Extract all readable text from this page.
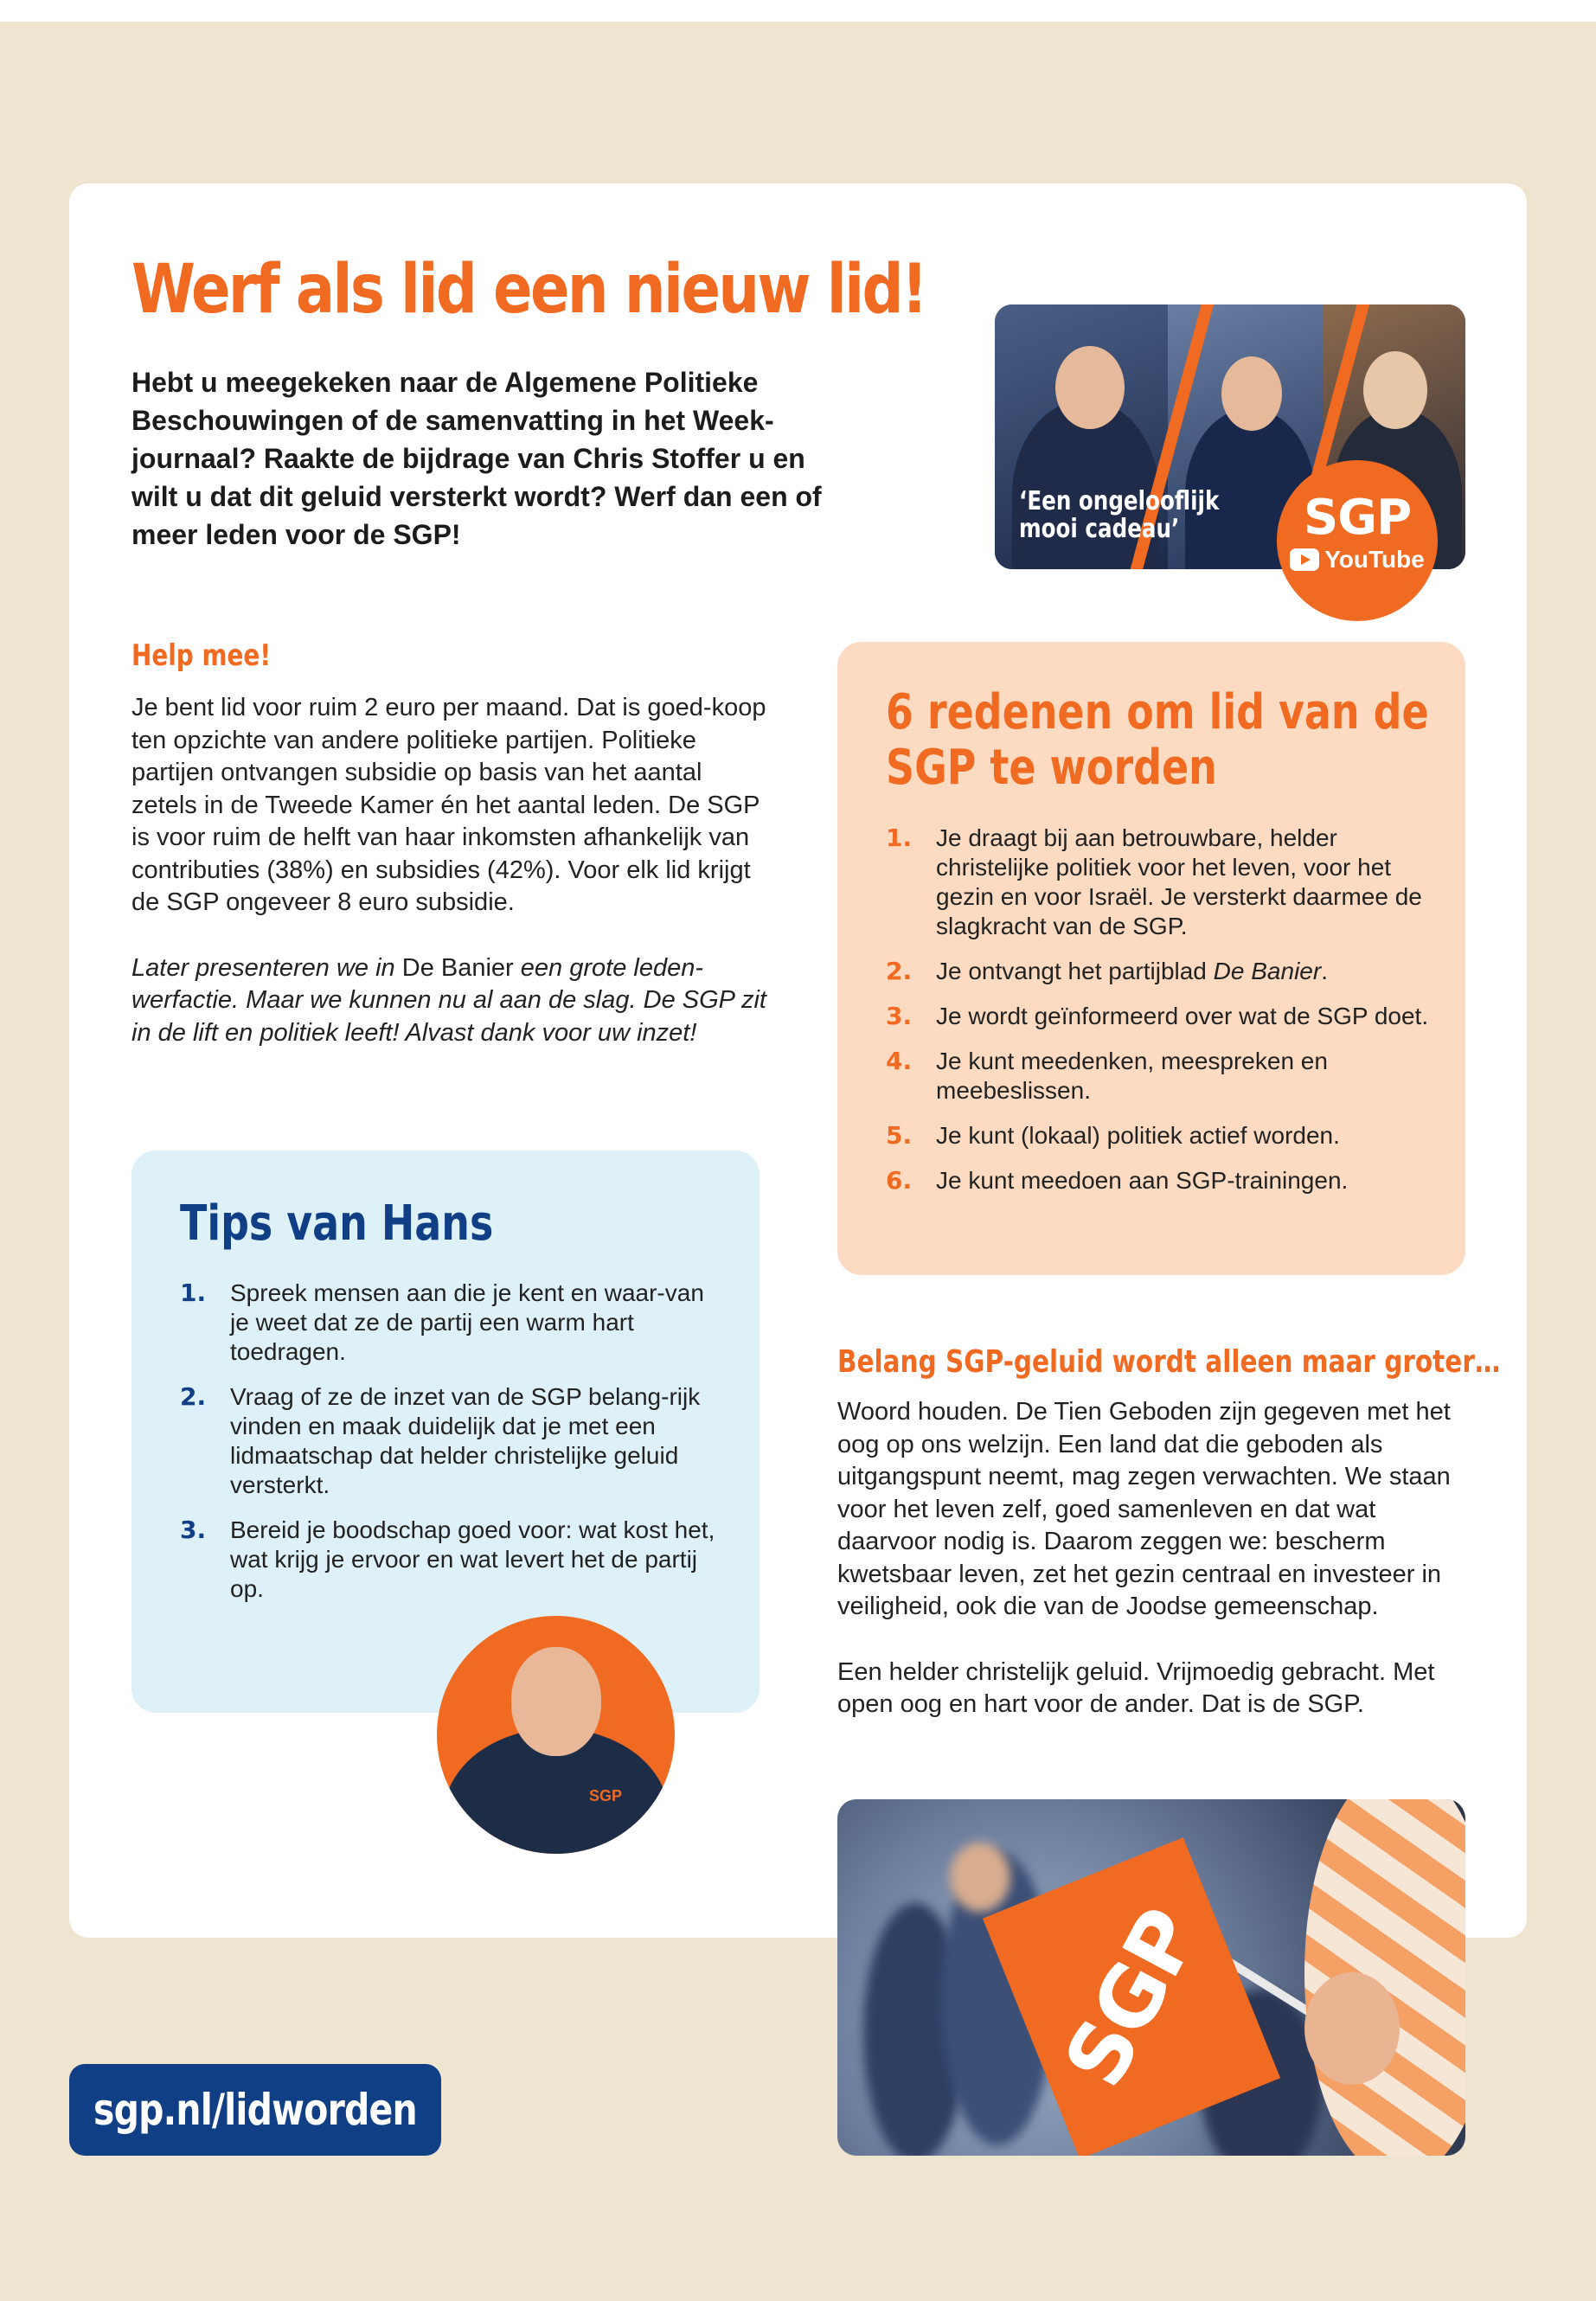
Werf als lid een nieuw lid!

Hebt u meegekeken naar de Algemene Politieke Beschouwingen of de samenvatting in het Week-journaal? Raakte de bijdrage van Chris Stoffer u en wilt u dat dit geluid versterkt wordt? Werf dan een of meer leden voor de SGP!

‘Een ongelooflijk mooi cadeau’	SGP
YouTube
Help mee!

Je bent lid voor ruim 2 euro per maand. Dat is goed-koop ten opzichte van andere politieke partijen. Politieke partijen ontvangen subsidie op basis van het aantal zetels in de Tweede Kamer én het aantal leden. De SGP is voor ruim de helft van haar inkomsten afhankelijk van contributies (38%) en subsidies (42%). Voor elk lid krijgt de SGP ongeveer 8 euro subsidie.

Later presenteren we in De Banier een grote leden-werfactie. Maar we kunnen nu al aan de slag. De SGP zit in de lift en politiek leeft! Alvast dank voor uw inzet!

6 redenen om lid van de SGP te worden
1. Je draagt bij aan betrouwbare, helder christelijke politiek voor het leven, voor het gezin en voor Israël. Je versterkt daarmee de slagkracht van de SGP.
2. Je ontvangt het partijblad De Banier.
3. Je wordt geïnformeerd over wat de SGP doet.
4. Je kunt meedenken, meespreken en meebeslissen.
5. Je kunt (lokaal) politiek actief worden.
6. Je kunt meedoen aan SGP-trainingen.
Tips van Hans
1. Spreek mensen aan die je kent en waar-van je weet dat ze de partij een warm hart toedragen.
2. Vraag of ze de inzet van de SGP belang-rijk vinden en maak duidelijk dat je met een lidmaatschap dat helder christelijke geluid versterkt.
3. Bereid je boodschap goed voor: wat kost het, wat krijg je ervoor en wat levert het de partij op.
SGP
Belang SGP-geluid wordt alleen maar groter…

Woord houden. De Tien Geboden zijn gegeven met het oog op ons welzijn. Een land dat die geboden als uitgangspunt neemt, mag zegen verwachten. We staan voor het leven zelf, goed samenleven en dat wat daarvoor nodig is. Daarom zeggen we: bescherm kwetsbaar leven, zet het gezin centraal en investeer in veiligheid, ook die van de Joodse gemeenschap.

Een helder christelijk geluid. Vrijmoedig gebracht. Met open oog en hart voor de ander. Dat is de SGP.

SGP
sgp.nl/lidworden
